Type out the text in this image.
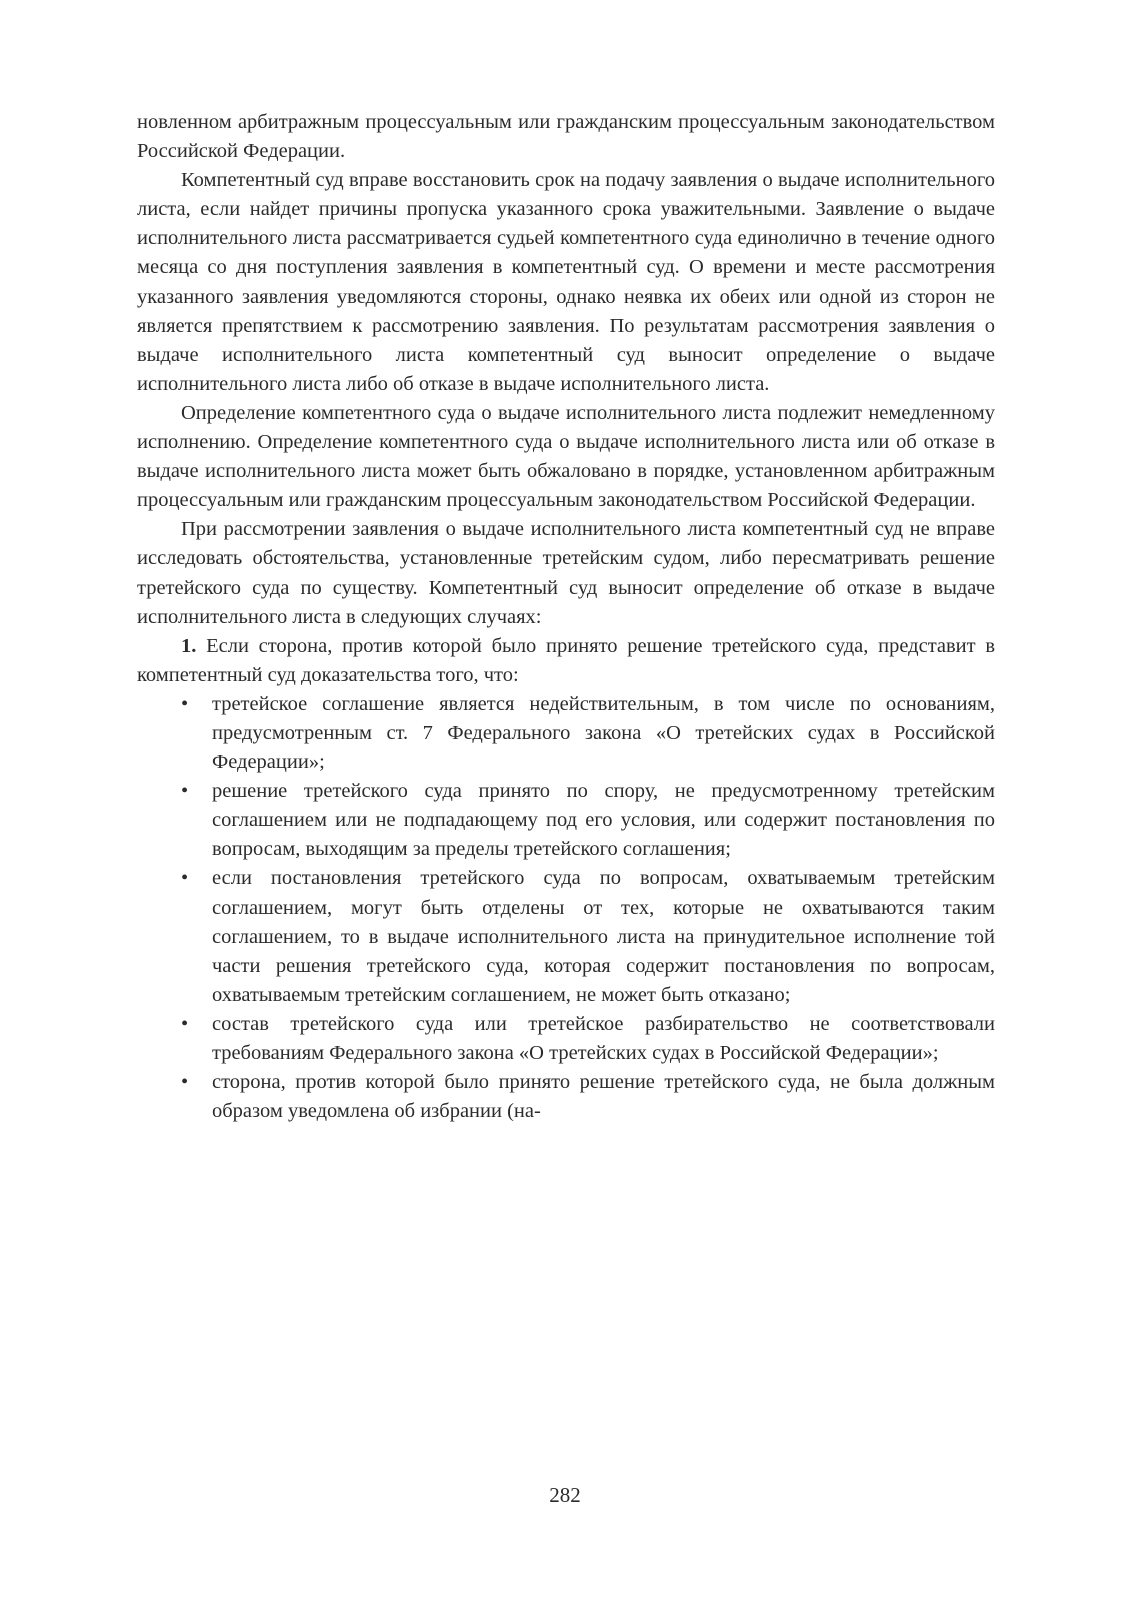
новленном арбитражным процессуальным или гражданским процессуальным законодательством Российской Федерации.

Компетентный суд вправе восстановить срок на подачу заявления о выдаче исполнительного листа, если найдет причины пропуска указанного срока уважительными. Заявление о выдаче исполнительного листа рассматривается судьей компетентного суда единолично в течение одного месяца со дня поступления заявления в компетентный суд. О времени и месте рассмотрения указанного заявления уведомляются стороны, однако неявка их обеих или одной из сторон не является препятствием к рассмотрению заявления. По результатам рассмотрения заявления о выдаче исполнительного листа компетентный суд выносит определение о выдаче исполнительного листа либо об отказе в выдаче исполнительного листа.

Определение компетентного суда о выдаче исполнительного листа подлежит немедленному исполнению. Определение компетентного суда о выдаче исполнительного листа или об отказе в выдаче исполнительного листа может быть обжаловано в порядке, установленном арбитражным процессуальным или гражданским процессуальным законодательством Российской Федерации.

При рассмотрении заявления о выдаче исполнительного листа компетентный суд не вправе исследовать обстоятельства, установленные третейским судом, либо пересматривать решение третейского суда по существу. Компетентный суд выносит определение об отказе в выдаче исполнительного листа в следующих случаях:

1. Если сторона, против которой было принято решение третейского суда, представит в компетентный суд доказательства того, что:

•	третейское соглашение является недействительным, в том числе по основаниям, предусмотренным ст. 7 Федерального закона «О третейских судах в Российской Федерации»;
•	решение третейского суда принято по спору, не предусмотренному третейским соглашением или не подпадающему под его условия, или содержит постановления по вопросам, выходящим за пределы третейского соглашения;
•	если постановления третейского суда по вопросам, охватываемым третейским соглашением, могут быть отделены от тех, которые не охватываются таким соглашением, то в выдаче исполнительного листа на принудительное исполнение той части решения третейского суда, которая содержит постановления по вопросам, охватываемым третейским соглашением, не может быть отказано;
•	состав третейского суда или третейское разбирательство не соответствовали требованиям Федерального закона «О третейских судах в Российской Федерации»;
•	сторона, против которой было принято решение третейского суда, не была должным образом уведомлена об избрании (на-
282
